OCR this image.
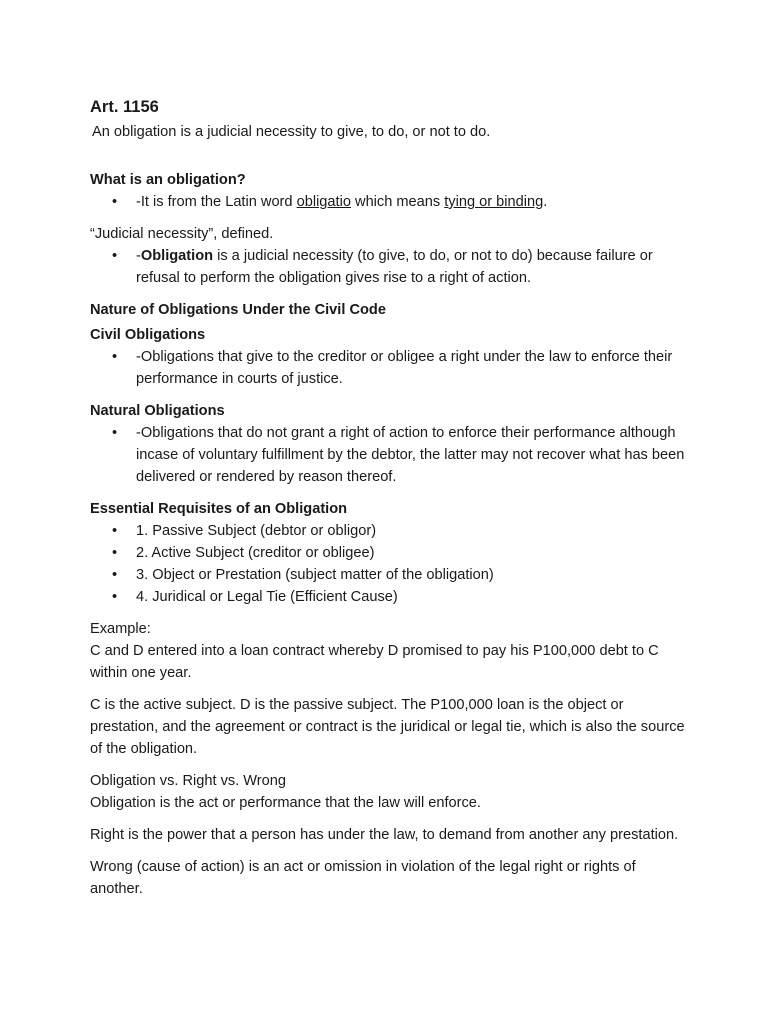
Art. 1156

An obligation is a judicial necessity to give, to do, or not to do.

What is an obligation?

• -It is from the Latin word obligatio which means tying or binding.

“Judicial necessity”, defined.

• -Obligation is a judicial necessity (to give, to do, or not to do) because failure or refusal to perform the obligation gives rise to a right of action.

Nature of Obligations Under the Civil Code

Civil Obligations

• -Obligations that give to the creditor or obligee a right under the law to enforce their performance in courts of justice.

Natural Obligations

• -Obligations that do not grant a right of action to enforce their performance although incase of voluntary fulfillment by the debtor, the latter may not recover what has been delivered or rendered by reason thereof.

Essential Requisites of an Obligation

• 1. Passive Subject (debtor or obligor)
• 2. Active Subject (creditor or obligee)
• 3. Object or Prestation (subject matter of the obligation)
• 4. Juridical or Legal Tie (Efficient Cause)

Example:

C and D entered into a loan contract whereby D promised to pay his P100,000 debt to C within one year.

C is the active subject. D is the passive subject. The P100,000 loan is the object or prestation, and the agreement or contract is the juridical or legal tie, which is also the source of the obligation.

Obligation vs. Right vs. Wrong

Obligation is the act or performance that the law will enforce.

Right is the power that a person has under the law, to demand from another any prestation.

Wrong (cause of action) is an act or omission in violation of the legal right or rights of another.
